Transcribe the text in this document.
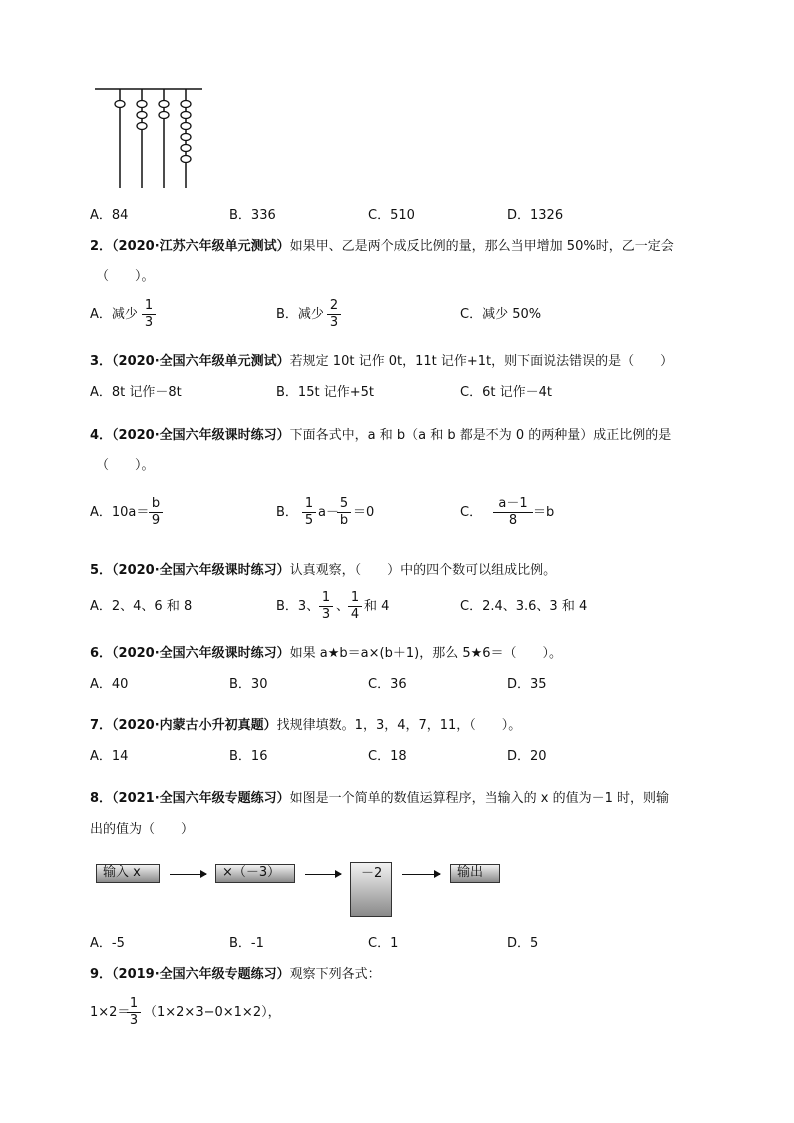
A．84	B．336	C．510	D．1326
2．（2020·江苏六年级单元测试）如果甲、乙是两个成反比例的量，那么当甲增加 50%时，乙一定会
（　　）。
A．减少
1
3
B．减少
2
3
C．减少 50%
3．（2020·全国六年级单元测试）若规定 10t 记作 0t，11t 记作+1t，则下面说法错误的是（　　）
A．8t 记作－8t	B．15t 记作+5t	C．6t 记作－4t
4．（2020·全国六年级课时练习）下面各式中，a 和 b（a 和 b 都是不为 0 的两种量）成正比例的是
（　　）。
A．10a＝
b
9
B．
1
5
a－
5
b
＝0	C．
a－1
8
＝b
5．（2020·全国六年级课时练习）认真观察，（　　）中的四个数可以组成比例。
A．2、4、6 和 8	B．3、
1
3
、
1
4
和 4	C．2.4、3.6、3 和 4
6．（2020·全国六年级课时练习）如果 a★b＝a×(b＋1)，那么 5★6＝（　　）。
A．40	B．30	C．36	D．35
7．（2020·内蒙古小升初真题）找规律填数。1，3，4，7，11，（　　）。
A．14	B．16	C．18	D．20
8．（2021·全国六年级专题练习）如图是一个简单的数值运算程序，当输入的 x 的值为－1 时，则输
出的值为（　　）
输入 x	×（－3）	－2	输出
A．-5	B．-1	C．1	D．5
9．（2019·全国六年级专题练习）观察下列各式：
1×2＝
1
3
（1×2×3−0×1×2），
